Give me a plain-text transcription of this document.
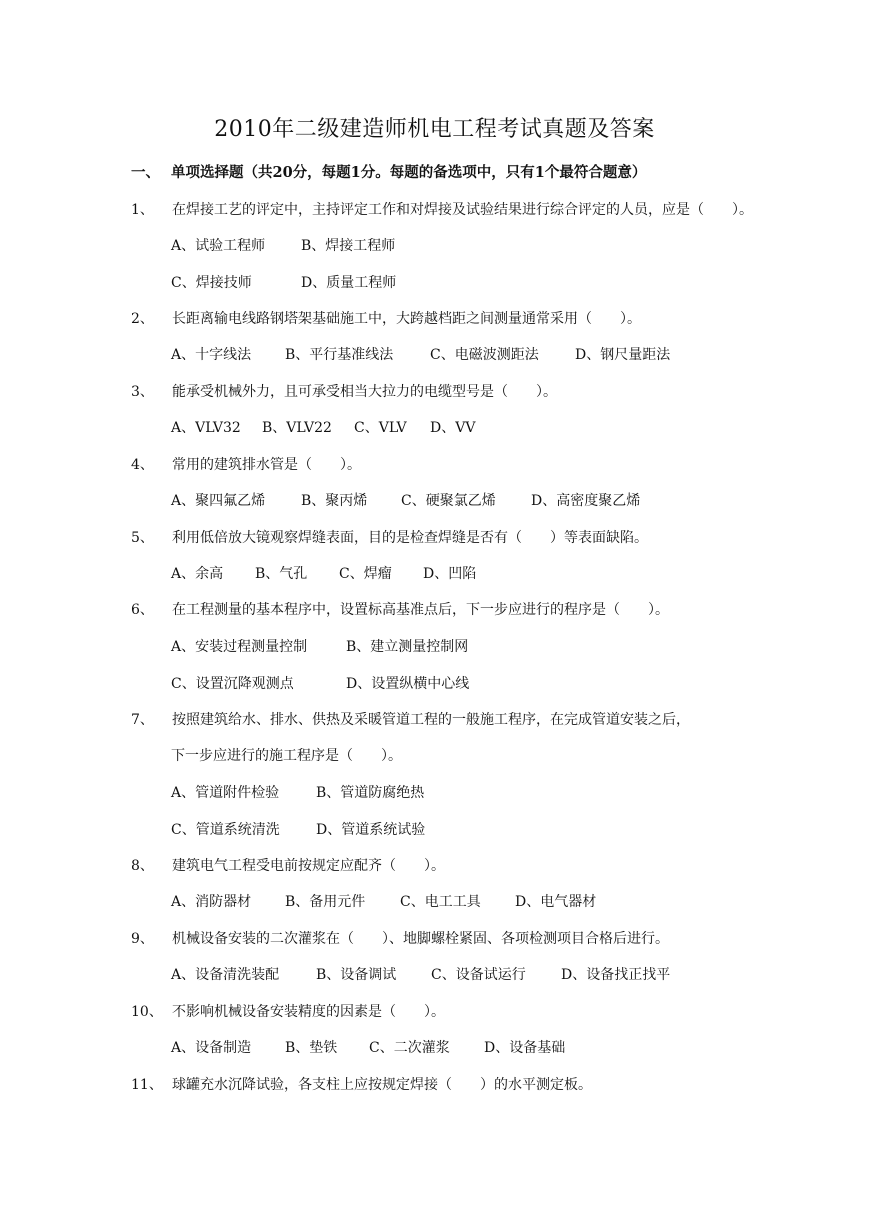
2010年二级建造师机电工程考试真题及答案
一、 单项选择题（共20分，每题1分。每题的备选项中，只有1个最符合题意）
1、 在焊接工艺的评定中，主持评定工作和对焊接及试验结果进行综合评定的人员，应是（　　）。
A、试验工程师	B、焊接工程师
C、焊接技师	D、质量工程师
2、 长距离输电线路钢塔架基础施工中，大跨越档距之间测量通常采用（　　）。
A、十字线法 B、平行基准线法	C、电磁波测距法	D、钢尺量距法
3、 能承受机械外力，且可承受相当大拉力的电缆型号是（　　）。
A、VLV32 B、VLV22 C、VLV D、VV
4、 常用的建筑排水管是（　　）。
A、聚四氟乙烯	B、聚丙烯 C、硬聚氯乙烯	D、高密度聚乙烯
5、 利用低倍放大镜观察焊缝表面，目的是检查焊缝是否有（　　）等表面缺陷。
A、余高 B、气孔 C、焊瘤 D、凹陷
6、 在工程测量的基本程序中，设置标高基准点后，下一步应进行的程序是（　　）。
A、安装过程测量控制	B、建立测量控制网
C、设置沉降观测点	D、设置纵横中心线
7、 按照建筑给水、排水、供热及采暖管道工程的一般施工程序，在完成管道安装之后，
下一步应进行的施工程序是（　　）。
A、管道附件检验	B、管道防腐绝热
C、管道系统清洗	D、管道系统试验
8、 建筑电气工程受电前按规定应配齐（　　）。
A、消防器材 B、备用元件 C、电工工具 D、电气器材
9、 机械设备安装的二次灌浆在（　　）、地脚螺栓紧固、各项检测项目合格后进行。
A、设备清洗装配	B、设备调试 C、设备试运行	D、设备找正找平
10、 不影响机械设备安装精度的因素是（　　）。
A、设备制造 B、垫铁 C、二次灌浆 D、设备基础
11、 球罐充水沉降试验，各支柱上应按规定焊接（　　）的水平测定板。
